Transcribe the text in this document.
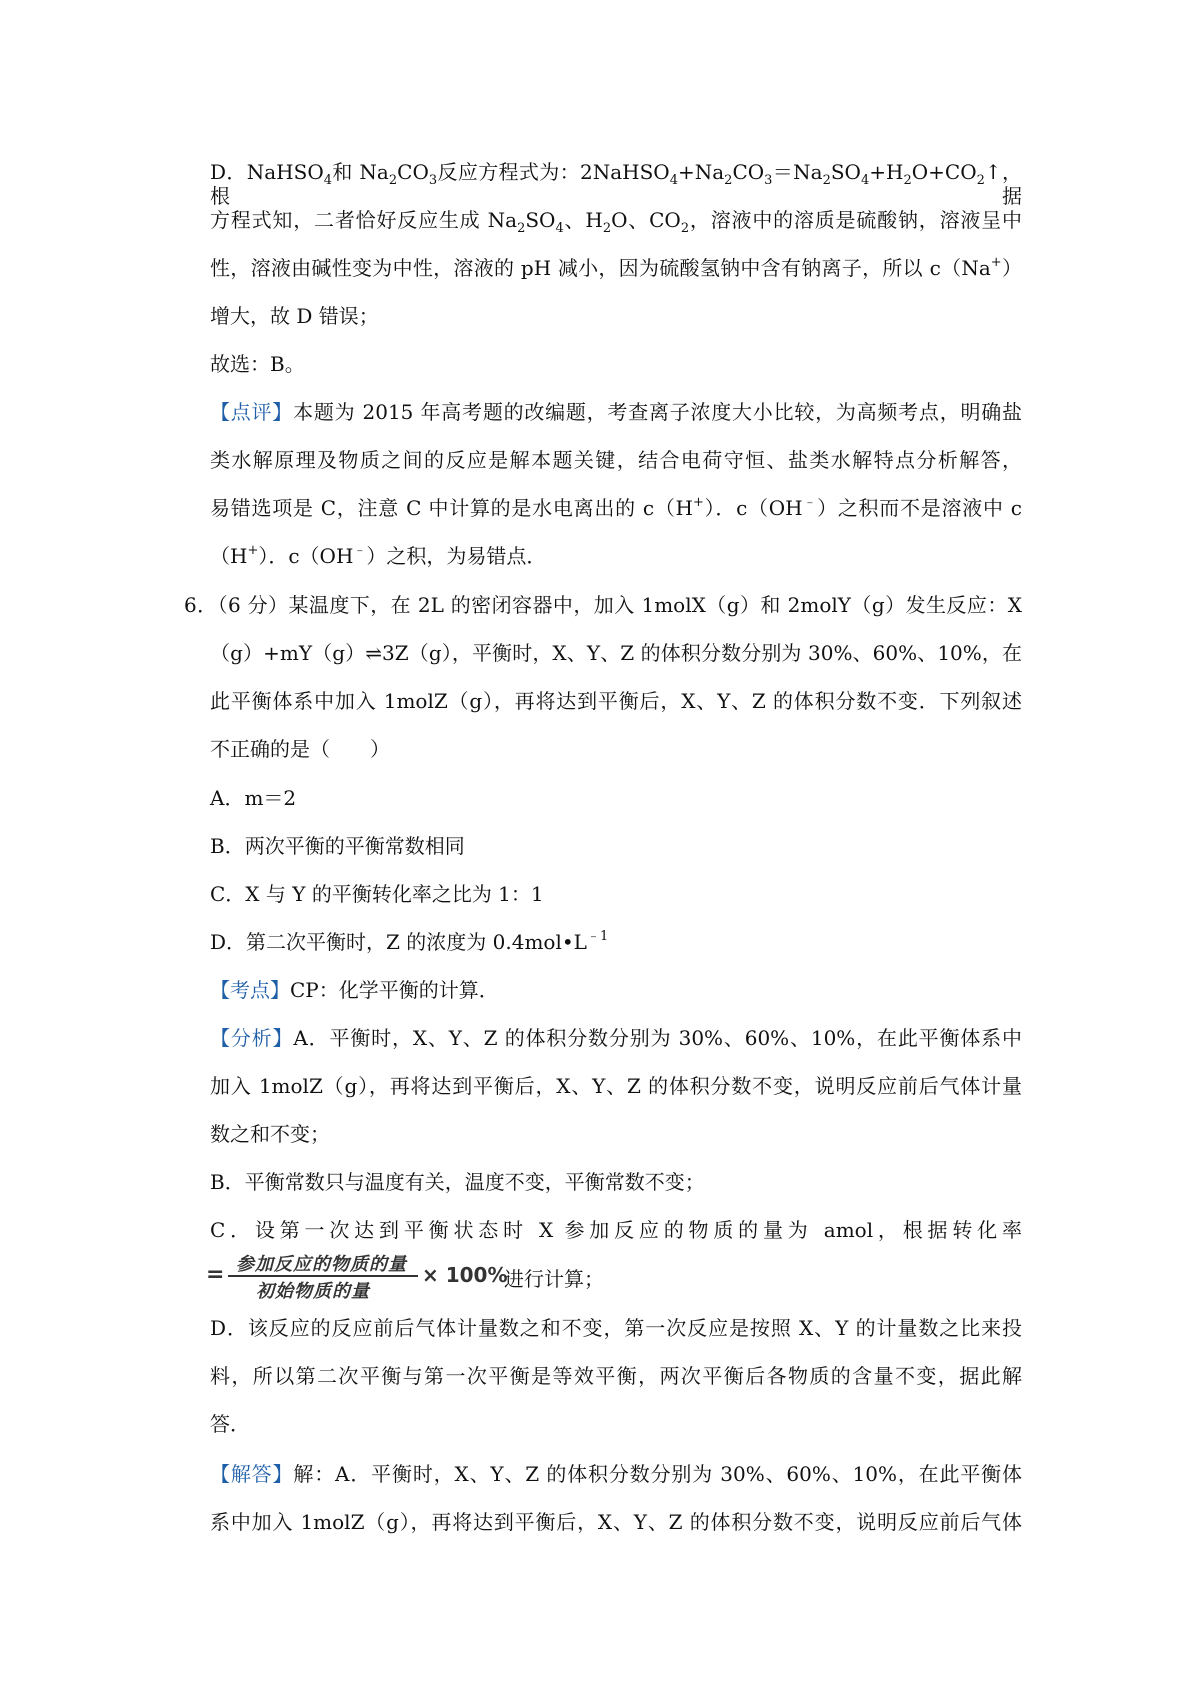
D．NaHSO$_4$和 $Na_2CO_3$反应方程式为：$2NaHSO_4+Na_2CO_3=Na_2SO_4+H_2O+CO_2↑$，根据
方程式知，二者恰好反应生成 $Na_2SO_4$、$H_2O$、$CO_2$，溶液中的溶质是硫酸钠，溶液呈中
性，溶液由碱性变为中性，溶液的 pH 减小，因为硫酸氢钠中含有钠离子，所以 c（Na+）
增大，故 D 错误；
故选：B。
【点评】本题为 2015 年高考题的改编题，考查离子浓度大小比较，为高频考点，明确盐
类水解原理及物质之间的反应是解本题关键，结合电荷守恒、盐类水解特点分析解答，
易错选项是 C，注意 C 中计算的是水电离出的 c（H+）．c（OH﹣）之积而不是溶液中 c
（H+）．c（OH﹣）之积，为易错点．
6．（6 分）某温度下，在 2L 的密闭容器中，加入 1molX（g）和 2molY（g）发生反应：X
（g）+mY（g）⇌3Z（g），平衡时，X、Y、Z 的体积分数分别为 30%、60%、10%，在
此平衡体系中加入 1molZ（g），再将达到平衡后，X、Y、Z 的体积分数不变．下列叙述
不正确的是（　　）
A．m＝2
B．两次平衡的平衡常数相同
C．X 与 Y 的平衡转化率之比为 1：1
D．第二次平衡时，Z 的浓度为 $0.4mol•L^{﹣1}$
【考点】CP：化学平衡的计算．
【分析】A．平衡时，X、Y、Z 的体积分数分别为 30%、60%、10%，在此平衡体系中
加入 1molZ（g），再将达到平衡后，X、Y、Z 的体积分数不变，说明反应前后气体计量
数之和不变；
B．平衡常数只与温度有关，温度不变，平衡常数不变；
C．设第一次达到平衡状态时 X 参加反应的物质的量为 amol，根据转化率
= 参加反应的物质的量
初始物质的量
× 100%
进行计算；
D．该反应的反应前后气体计量数之和不变，第一次反应是按照 X、Y 的计量数之比来投
料，所以第二次平衡与第一次平衡是等效平衡，两次平衡后各物质的含量不变，据此解
答．
【解答】解：A．平衡时，X、Y、Z 的体积分数分别为 30%、60%、10%，在此平衡体
系中加入 1molZ（g），再将达到平衡后，X、Y、Z 的体积分数不变，说明反应前后气体
